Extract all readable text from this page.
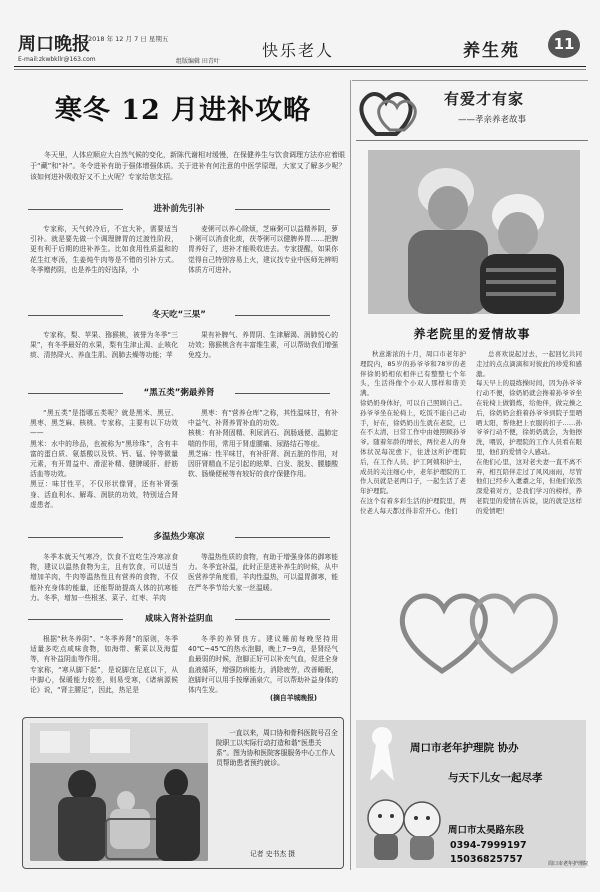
周口晚报
2018 年 12 月 7 日 星期五
E-mail:zkwbkllr@163.com	组版编辑 田青叶
快乐老人	养生苑	11
寒冬 12 月进补攻略
冬天里，人体应顺应大自然气候的变化，新陈代谢相对缓慢，在保健养生与饮食调理方法亦应着眼于“藏”和“补”。冬令进补有助于强体增强体质。关于进补有何注意的中医学原理，大家又了解多少呢？该如何进补吸收好又不上火呢？专家给您支招。
进补前先引补

专家称，天气转冷后，不宜大补，需要适当引补。就是要先做一个调理脾胃的过渡性阶段，更有利于后期的进补养生。比如食用性质温和的花生红枣汤，生姜炖牛肉等是不错的引补方式。冬季赠药阴，也是养生的好选择，小

麦粥可以养心除烦，芝麻粥可以益精养阴，萝卜粥可以消食化痰，茯苓粥可以健脾养胃……把脾胃养好了，进补才能吸收进去。专家提醒，如果你觉得自己特别容易上火，建议找专业中医师先辨明体质方可进补。

冬天吃“三果”

专家称，梨、苹果、猕猴桃，被誉为冬季“三果”，有冬季最好的水果，梨有生津止渴、止咳化痰、清热降火、养血生肌、润肺去燥等功能；苹

果有补脾气、养胃阴、生津解渴、润肺悦心的功效；猕猴桃含有丰富维生素，可以帮助我们增强免疫力。

“黑五类”粥最养肾

“黑五类”是指哪五类呢？就是黑米、黑豆、黑枣、黑芝麻、核桃。专家称，主要有以下功效——
黑米：水中的珍品，也被称为“黑珍珠”，含有丰富的蛋白质、氨基酸以及铁、钙、锰、锌等微量元素，有开胃益中、滑涩补精、健脾暖肝、舒筋活血等功效。
黑豆：味甘性平，不仅形状像肾，还有补肾强身、活血利水、解毒、润肤的功效，特别适合肾虚患者。

黑枣：有“营养仓库”之称，其性温味甘，有补中益气、补肾养胃补血的功效。
核桃：有补肾固精、利尿消石、润肠通便、温肺定喘的作用，常用于肾虚腰痛、尿路结石等症。
黑芝麻：性平味甘，有补肝肾、润五脏的作用，对因肝肾精血不足引起的眩晕、白发、脱发、腰膝酸软、肠燥便秘等有较好的食疗保健作用。

多温热少寒凉

冬季本就天气寒冷，饮食不宜吃生冷寒凉食物，建议以温热食物为主，且有饮食，可以适当增加羊肉，牛肉等温热性且有营养的食物，不仅能补充身体的能量，还能帮助提高人体的抗寒能力。冬季，增加一些根茎、菜子、红枣、羊肉

等温热性质的食物，有助于增强身体的御寒能力。冬季宜补温，此时正是进补养生的时候，从中医营养学角度看，羊肉性温热，可以温胃御寒，能在严冬季节给大家一丝温暖。

咸味入肾补益阴血

根据“秋冬养阴”、“冬季养肾”的原则，冬季适量多吃点咸味食物，如海带、紫菜以及海蜇等，有补益阴血等作用。
专家称，“寒从脚下起”，是说脚在足底以下，从中脚心，保暖能力较差，则易受寒，《诸病源候论》说，“肾主腰足”，因此，热足是

冬季的养肾良方。建议睡前每晚坚持用40℃~45℃的热水泡脚，晚上7~9点，是肾经气血最弱的时候，泡脚正好可以补充气血，促进全身血液循环，增强防病能力，消除疲劳，改善睡眠，泡脚时可以用手按摩涌泉穴，可以帮助补益身体的体内生发。

(摘自羊城晚报)
一直以来，周口协和骨科医院号召全院职工以实际行动打造和谐“医患关系”。图为协和医院客服服务中心工作人员帮助患者预约就诊。
记者 史书杰 摄
有爱才有家
——孝亲养老故事
养老院里的爱情故事

秋意渐浓的十月，周口市老年护理院内，85岁的孙爷爷和78岁的老伴徐奶奶相依相伴已有整整七个年头，生活得像个小双人那样和谐美满。
徐奶奶身体好，可以自己照顾自己。孙爷爷坐在轮椅上，吃饭不能自己动手，好在，徐奶奶出生就在老院，已在不太清，日常工作中由她照顾孙爷爷。随着年龄的增长，两位老人的身体状况每况愈下，住进这所护理院后，在工作人员、护工阿姨和护士，成员的关注细心中，老年护理院的工作人员就是老两口子，一起生活了老年护理院。
在这个有着多彩生活的护理院里，两位老人每天都过得非常开心。他们

总喜欢说起过去，一起回忆共同走过的点点滴滴和对彼此的珍爱和感激。
每天早上的晨练操时间，因为孙爷爷行动不便，徐奶奶就会搀着孙爷爷坐在轮椅上做锻炼，给他伴，做完操之后，徐奶奶会推着孙爷爷到院子里晒晒太阳，帮他把上衣服的扣子……孙爷爷行动不便，徐奶奶就会，为他擦洗，喂饭，护理院的工作人员看在眼里，他们的爱情令人感动。
在他们心里，这对老夫妻一直不离不弃，相互陪伴走过了风风雨雨，尽管他们已经步入耄耋之年，但他们依然深爱着对方，是我们学习的榜样，养老院里的爱情在诉说，说的就是这样的爱情吧！

周口市老年护理院 协办
与天下儿女一起尽孝
周口市太昊路东段
0394-7999197
15036825757	周口市老年护理院
